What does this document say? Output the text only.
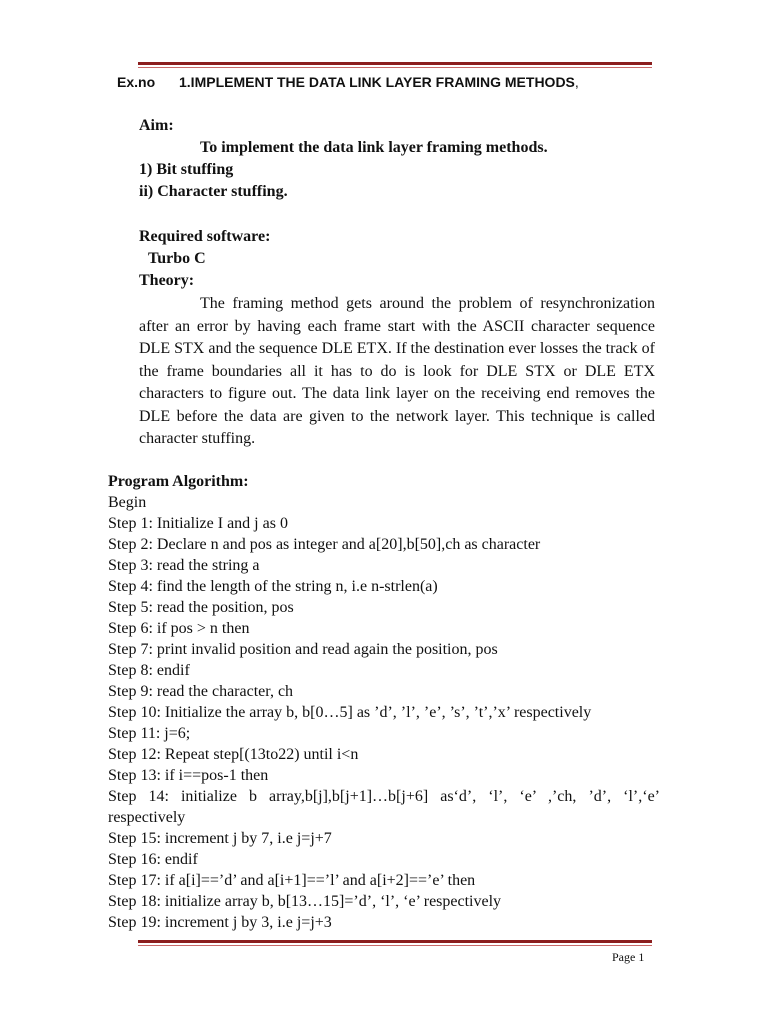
Ex.no 1.IMPLEMENT THE DATA LINK LAYER FRAMING METHODS,
Aim:
To implement the data link layer framing methods.
1) Bit stuffing
ii) Character stuffing.
Required software:
Turbo C
Theory:

The framing method gets around the problem of resynchronization after an error by having each frame start with the ASCII character sequence DLE STX and the sequence DLE ETX. If the destination ever losses the track of the frame boundaries all it has to do is look for DLE STX or DLE ETX characters to figure out. The data link layer on the receiving end removes the DLE before the data are given to the network layer. This technique is called character stuffing.

Program Algorithm:
Begin
Step 1: Initialize I and j as 0
Step 2: Declare n and pos as integer and a[20],b[50],ch as character
Step 3: read the string a
Step 4: find the length of the string n, i.e n-strlen(a)
Step 5: read the position, pos
Step 6: if pos > n then
Step 7: print invalid position and read again the position, pos
Step 8: endif
Step 9: read the character, ch
Step 10: Initialize the array b, b[0…5] as ’d’, ’l’, ’e’, ’s’, ’t’,’x’ respectively
Step 11: j=6;
Step 12: Repeat step[(13to22) until i<n
Step 13: if i==pos-1 then
Step 14: initialize b array,b[j],b[j+1]…b[j+6] as‘d’, ‘l’, ‘e’ ,’ch, ’d’, ‘l’,‘e’
respectively
Step 15: increment j by 7, i.e j=j+7
Step 16: endif
Step 17: if a[i]==’d’ and a[i+1]==’l’ and a[i+2]==’e’ then
Step 18: initialize array b, b[13…15]=’d’, ‘l’, ‘e’ respectively
Step 19: increment j by 3, i.e j=j+3
Page 1
